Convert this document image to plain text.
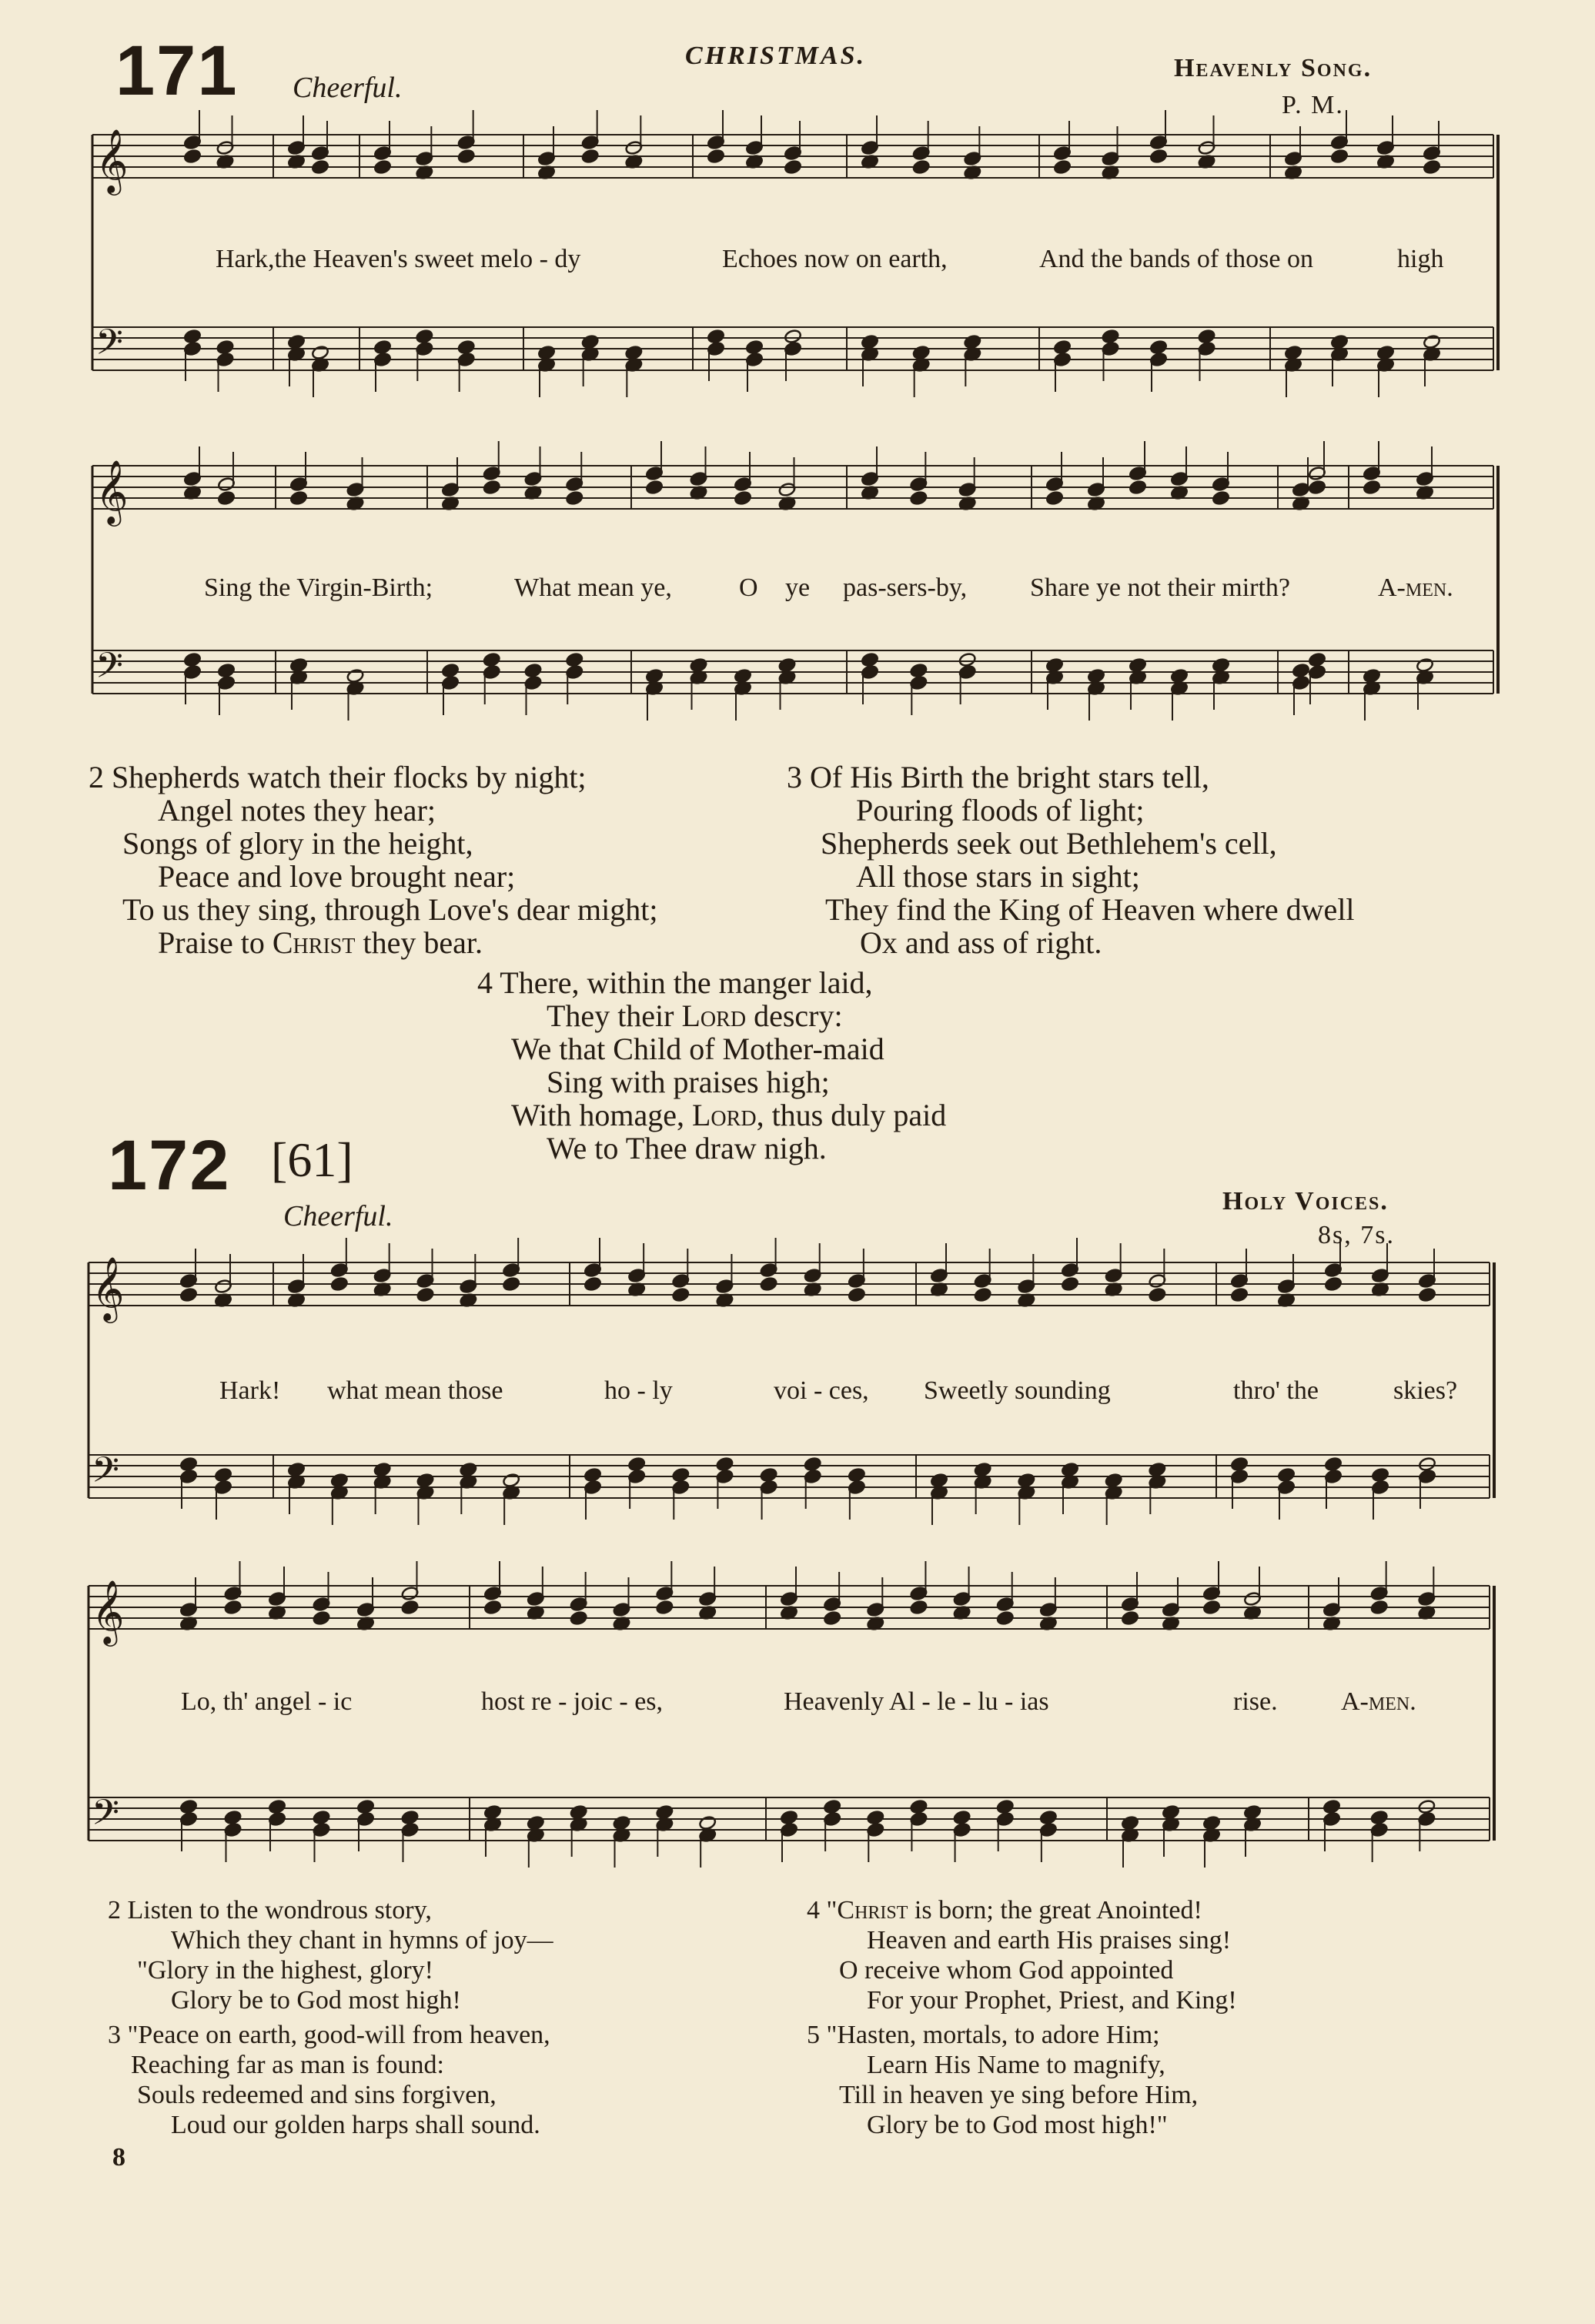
𝄞
𝄢
𝄞
𝄢
𝄞
𝄢
𝄞
𝄢
171 Cheerful.
CHRISTMAS.	Heavenly Song.
P. M.
Hark,the Heaven's sweet melo - dy	Echoes now on earth,	And the bands of those on	high
Sing the Virgin-Birth;	What mean ye,	O ye pas-sers-by, Share ye not their mirth?	A-men.
2 Shepherds watch their flocks by night;
Angel notes they hear;
Songs of glory in the height,
Peace and love brought near;
To us they sing, through Love's dear might;
Praise to Christ they bear.
3 Of His Birth the bright stars tell,
Pouring floods of light;
Shepherds seek out Bethlehem's cell,
All those stars in sight;
They find the King of Heaven where dwell
Ox and ass of right.
4 There, within the manger laid,
They their Lord descry:
We that Child of Mother-maid
Sing with praises high;
With homage, Lord, thus duly paid
We to Thee draw nigh.
172 [61]
Cheerful.	Holy Voices.
8s, 7s.
Hark! what mean those	ho - ly	voi - ces, Sweetly sounding	thro' the	skies?
Lo, th' angel - ic	host re - joic - es,	Heavenly Al - le - lu - ias	rise. A-men.
2 Listen to the wondrous story,
Which they chant in hymns of joy—
"Glory in the highest, glory!
Glory be to God most high!
3 "Peace on earth, good-will from heaven,
Reaching far as man is found:
Souls redeemed and sins forgiven,
Loud our golden harps shall sound.
4 "Christ is born; the great Anointed!
Heaven and earth His praises sing!
O receive whom God appointed
For your Prophet, Priest, and King!
5 "Hasten, mortals, to adore Him;
Learn His Name to magnify,
Till in heaven ye sing before Him,
Glory be to God most high!"
8
